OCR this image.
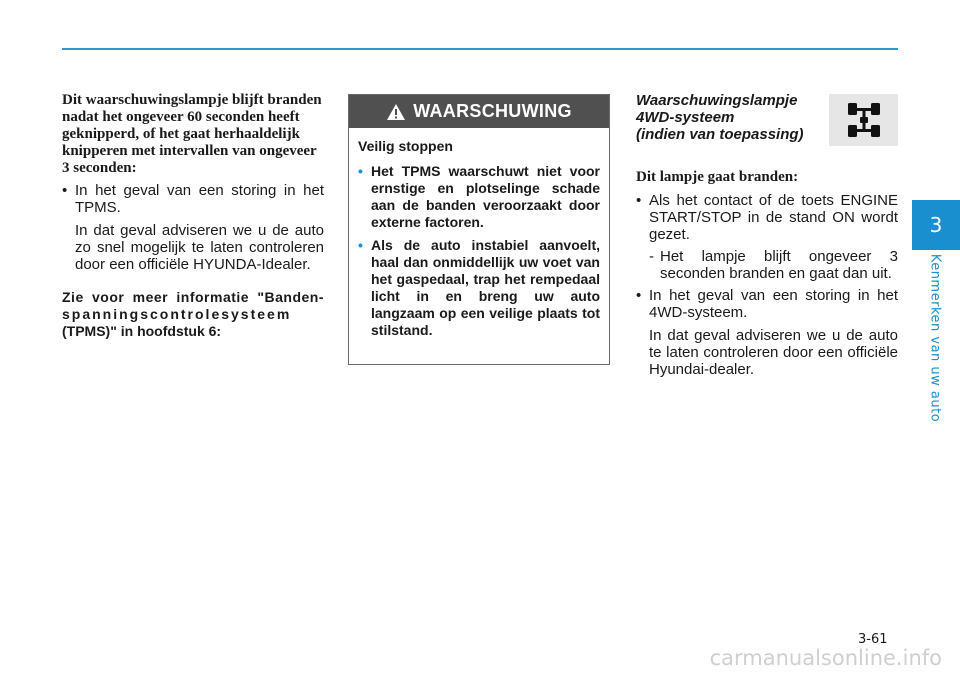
3
Kenmerken van uw auto

Dit waarschuwingslampje blijft branden nadat het ongeveer 60 seconden heeft geknipperd, of het gaat herhaaldelijk knipperen met intervallen van ongeveer 3 seconden:

• In het geval van een storing in het TPMS.

In dat geval adviseren we u de auto zo snel mogelijk te laten controleren door een officiële HYUNDA-Idealer.

Zie voor meer informatie "Banden-
spanningscontrolesysteem
(TPMS)" in hoofdstuk 6:

WAARSCHUWING

Veilig stoppen

• Het TPMS waarschuwt niet voor ernstige en plotselinge schade aan de banden veroorzaakt door externe factoren.

• Als de auto instabiel aanvoelt, haal dan onmiddellijk uw voet van het gaspedaal, trap het rempedaal licht in en breng uw auto langzaam op een veilige plaats tot stilstand.

Waarschuwingslampje
4WD-systeem
(indien van toepassing)

Dit lampje gaat branden:

• Als het contact of de toets ENGINE START/STOP in de stand ON wordt gezet.

- Het lampje blijft ongeveer 3 seconden branden en gaat dan uit.

• In het geval van een storing in het 4WD-systeem.

In dat geval adviseren we u de auto te laten controleren door een officiële Hyundai-dealer.

3-61
carmanualsonline.info
